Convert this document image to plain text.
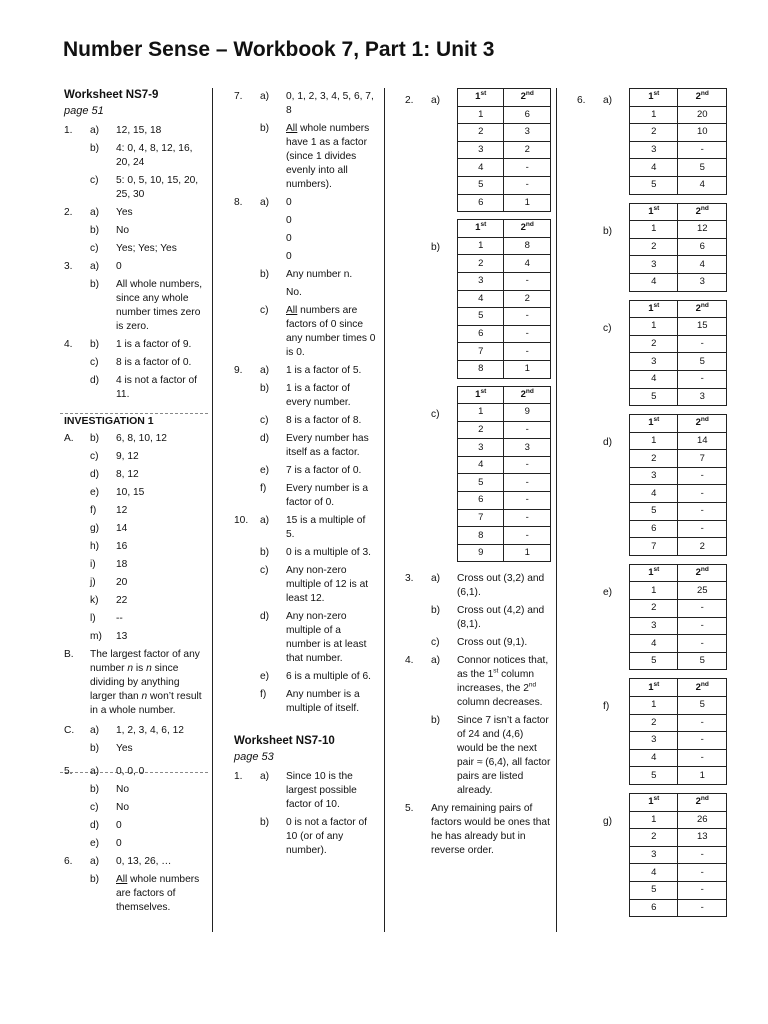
Number Sense – Workbook 7, Part 1: Unit 3
Worksheet NS7-9
page 51
1.	a)	12, 15, 18
b)	4: 0, 4, 8, 12, 16, 20, 24
c)	5: 0, 5, 10, 15, 20, 25, 30
2.	a)	Yes
b)	No
c)	Yes; Yes; Yes
3.	a)	0
b)	All whole numbers, since any whole number times zero is zero.
4.	b)	1 is a factor of 9.
c)	8 is a factor of 0.
d)	4 is not a factor of 11.
INVESTIGATION 1
A.	b)	6, 8, 10, 12
c)	9, 12
d)	8, 12
e)	10, 15
f)	12
g)	14
h)	16
i)	18
j)	20
k)	22
l)	--
m)	13
B.	The largest factor of any number n is n since dividing by anything larger than n won’t result in a whole number.
C.	a)	1, 2, 3, 4, 6, 12
b)	Yes
5.	a)	0, 0, 0
b)	No
c)	No
d)	0
e)	0
6.	a)	0, 13, 26, …
b)	All whole numbers are factors of themselves.
7.	a)	0, 1, 2, 3, 4, 5, 6, 7, 8
b)	All whole numbers have 1 as a factor (since 1 divides evenly into all numbers).
8.	a)	0
0
0
0
b)	Any number n.
No.
c)	All numbers are factors of 0 since any number times 0 is 0.
9.	a)	1 is a factor of 5.
b)	1 is a factor of every number.
c)	8 is a factor of 8.
d)	Every number has itself as a factor.
e)	7 is a factor of 0.
f)	Every number is a factor of 0.
10.	a)	15 is a multiple of 5.
b)	0 is a multiple of 3.
c)	Any non-zero multiple of 12 is at least 12.
d)	Any non-zero multiple of a number is at least that number.
e)	6 is a multiple of 6.
f)	Any number is a multiple of itself.
Worksheet NS7-10
page 53
1.	a)	Since 10 is the largest possible factor of 10.
b)	0 is not a factor of 10 (or of any number).
2.	a)	1st	2nd
1	6
2	3
3	2
4	-
5	-
6	1
b)
1st	2nd
1	8
2	4
3	-
4	2
5	-
6	-
7	-
8	1
c)
1st	2nd
1	9
2	-
3	3
4	-
5	-
6	-
7	-
8	-
9	1
3.	a)	Cross out (3,2) and (6,1).
b)	Cross out (4,2) and (8,1).
c)	Cross out (9,1).
4.	a)	Connor notices that, as the 1st column increases, the 2nd column decreases.
b)	Since 7 isn’t a factor of 24 and (4,6) would be the next pair ≈ (6,4), all factor pairs are listed already.
5.	Any remaining pairs of factors would be ones that he has already but in reverse order.
6.	a)	1st	2nd
1	20
2	10
3	-
4	5
5	4
b)
1st	2nd
1	12
2	6
3	4
4	3
c)
1st	2nd
1	15
2	-
3	5
4	-
5	3
d)
1st	2nd
1	14
2	7
3	-
4	-
5	-
6	-
7	2
e)
1st	2nd
1	25
2	-
3	-
4	-
5	5
f)
1st	2nd
1	5
2	-
3	-
4	-
5	1
g)
1st	2nd
1	26
2	13
3	-
4	-
5	-
6	-
